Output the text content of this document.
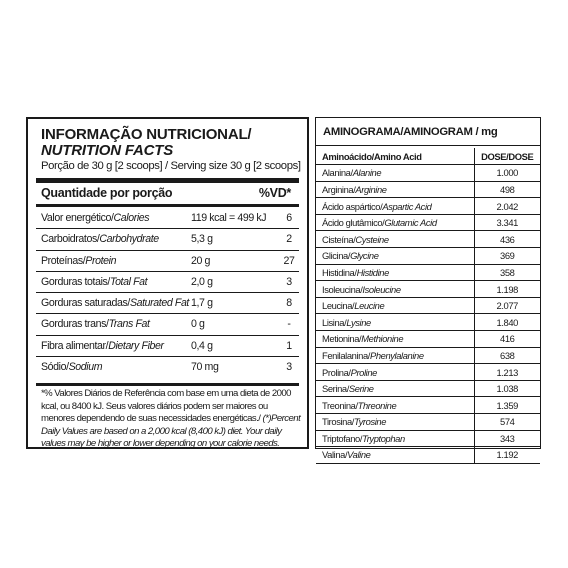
INFORMAÇÃO NUTRICIONAL/
NUTRITION FACTS
Porção de 30 g [2 scoops] / Serving size 30 g [2 scoops]
Quantidade por porção	%VD*
Valor energético/Calories	119 kcal = 499 kJ	6
Carboidratos/Carbohydrate	5,3 g	2
Proteínas/Protein	20 g	27
Gorduras totais/Total Fat	2,0 g	3
Gorduras saturadas/Saturated Fat 1,7 g	8
Gorduras trans/Trans Fat	0 g	-
Fibra alimentar/Dietary Fiber	0,4 g	1
Sódio/Sodium	70 mg	3
*% Valores Diários de Referência com base em uma dieta de 2000 kcal, ou 8400 kJ. Seus valores diários podem ser maiores ou menores dependendo de suas necessidades energéticas./ (*)Percent Daily Values are based on a 2,000 kcal (8,400 kJ) diet. Your daily values may be higher or lower depending on your calorie needs.
AMINOGRAMA/AMINOGRAM / mg
Aminoácido/Amino Acid	DOSE/DOSE
Alanina/Alanine	1.000
Arginina/Arginine	498
Ácido aspártico/Aspartic Acid	2.042
Ácido glutâmico/Glutamic Acid	3.341
Cisteína/Cysteine	436
Glicina/Glycine	369
Histidina/Histidine	358
Isoleucina/Isoleucine	1.198
Leucina/Leucine	2.077
Lisina/Lysine	1.840
Metionina/Methionine	416
Fenilalanina/Phenylalanine	638
Prolina/Proline	1.213
Serina/Serine	1.038
Treonina/Threonine	1.359
Tirosina/Tyrosine	574
Triptofano/Tryptophan	343
Valina/Valine	1.192
